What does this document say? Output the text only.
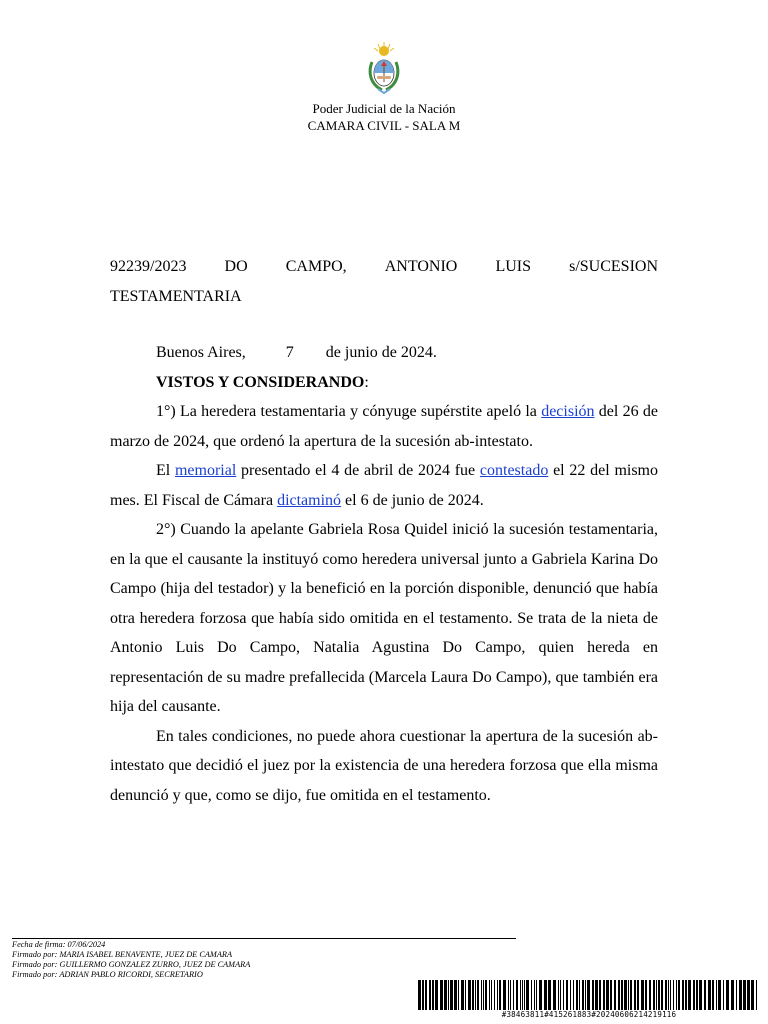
Poder Judicial de la Nación
CAMARA CIVIL - SALA M
92239/2023 DO CAMPO, ANTONIO LUIS s/SUCESION
TESTAMENTARIA
Buenos Aires,          7        de junio de 2024.
VISTOS Y CONSIDERANDO:

1°) La heredera testamentaria y cónyuge supérstite apeló la decisión del 26 de marzo de 2024, que ordenó la apertura de la sucesión ab-intestato.

El memorial presentado el 4 de abril de 2024 fue contestado el 22 del mismo mes. El Fiscal de Cámara dictaminó el 6 de junio de 2024.

2°) Cuando la apelante Gabriela Rosa Quidel inició la sucesión testamentaria, en la que el causante la instituyó como heredera universal junto a Gabriela Karina Do Campo (hija del testador) y la benefició en la porción disponible, denunció que había otra heredera forzosa que había sido omitida en el testamento. Se trata de la nieta de Antonio Luis Do Campo, Natalia Agustina Do Campo, quien hereda en representación de su madre prefallecida (Marcela Laura Do Campo), que también era hija del causante.

En tales condiciones, no puede ahora cuestionar la apertura de la sucesión ab-intestato que decidió el juez por la existencia de una heredera forzosa que ella misma denunció y que, como se dijo, fue omitida en el testamento.

Fecha de firma: 07/06/2024
Firmado por: MARIA ISABEL BENAVENTE, JUEZ DE CAMARA
Firmado por: GUILLERMO GONZALEZ ZURRO, JUEZ DE CAMARA
Firmado por: ADRIAN PABLO RICORDI, SECRETARIO
#38463811#415261883#20240606214219116
